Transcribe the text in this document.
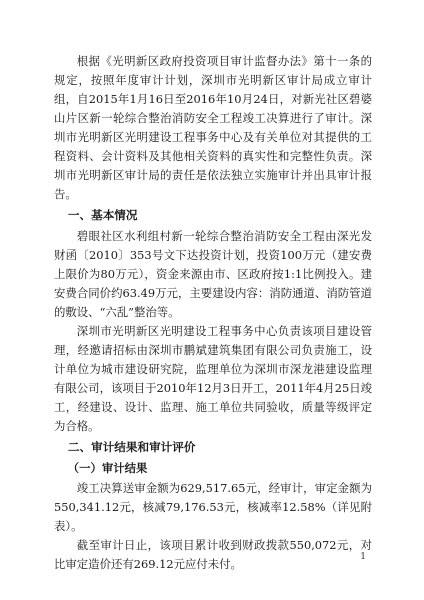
根据《光明新区政府投资项目审计监督办法》第十一条的规定，按照年度审计计划，深圳市光明新区审计局成立审计组，自2015年1月16日至2016年10月24日，对新光社区碧婆山片区新一轮综合整治消防安全工程竣工决算进行了审计。深圳市光明新区光明建设工程事务中心及有关单位对其提供的工程资料、会计资料及其他相关资料的真实性和完整性负责。深圳市光明新区审计局的责任是依法独立实施审计并出具审计报告。

一、基本情况

碧眼社区水利组村新一轮综合整治消防安全工程由深光发财函〔2010〕353号文下达投资计划，投资100万元（建安费上限价为80万元），资金来源由市、区政府按1:1比例投入。建安费合同价约63.49万元，主要建设内容：消防通道、消防管道的敷设、“六乱”整治等。

深圳市光明新区光明建设工程事务中心负责该项目建设管理，经邀请招标由深圳市鹏斌建筑集团有限公司负责施工，设计单位为城市建设研究院，监理单位为深圳市深龙港建设监理有限公司，该项目于2010年12月3日开工，2011年4月25日竣工，经建设、设计、监理、施工单位共同验收，质量等级评定为合格。

二、审计结果和审计评价
（一）审计结果

竣工决算送审金额为629,517.65元，经审计，审定金额为550,341.12元，核减79,176.53元，核减率12.58%（详见附表）。

截至审计日止，该项目累计收到财政拨款550,072元，对比审定造价还有269.12元应付未付。	1
